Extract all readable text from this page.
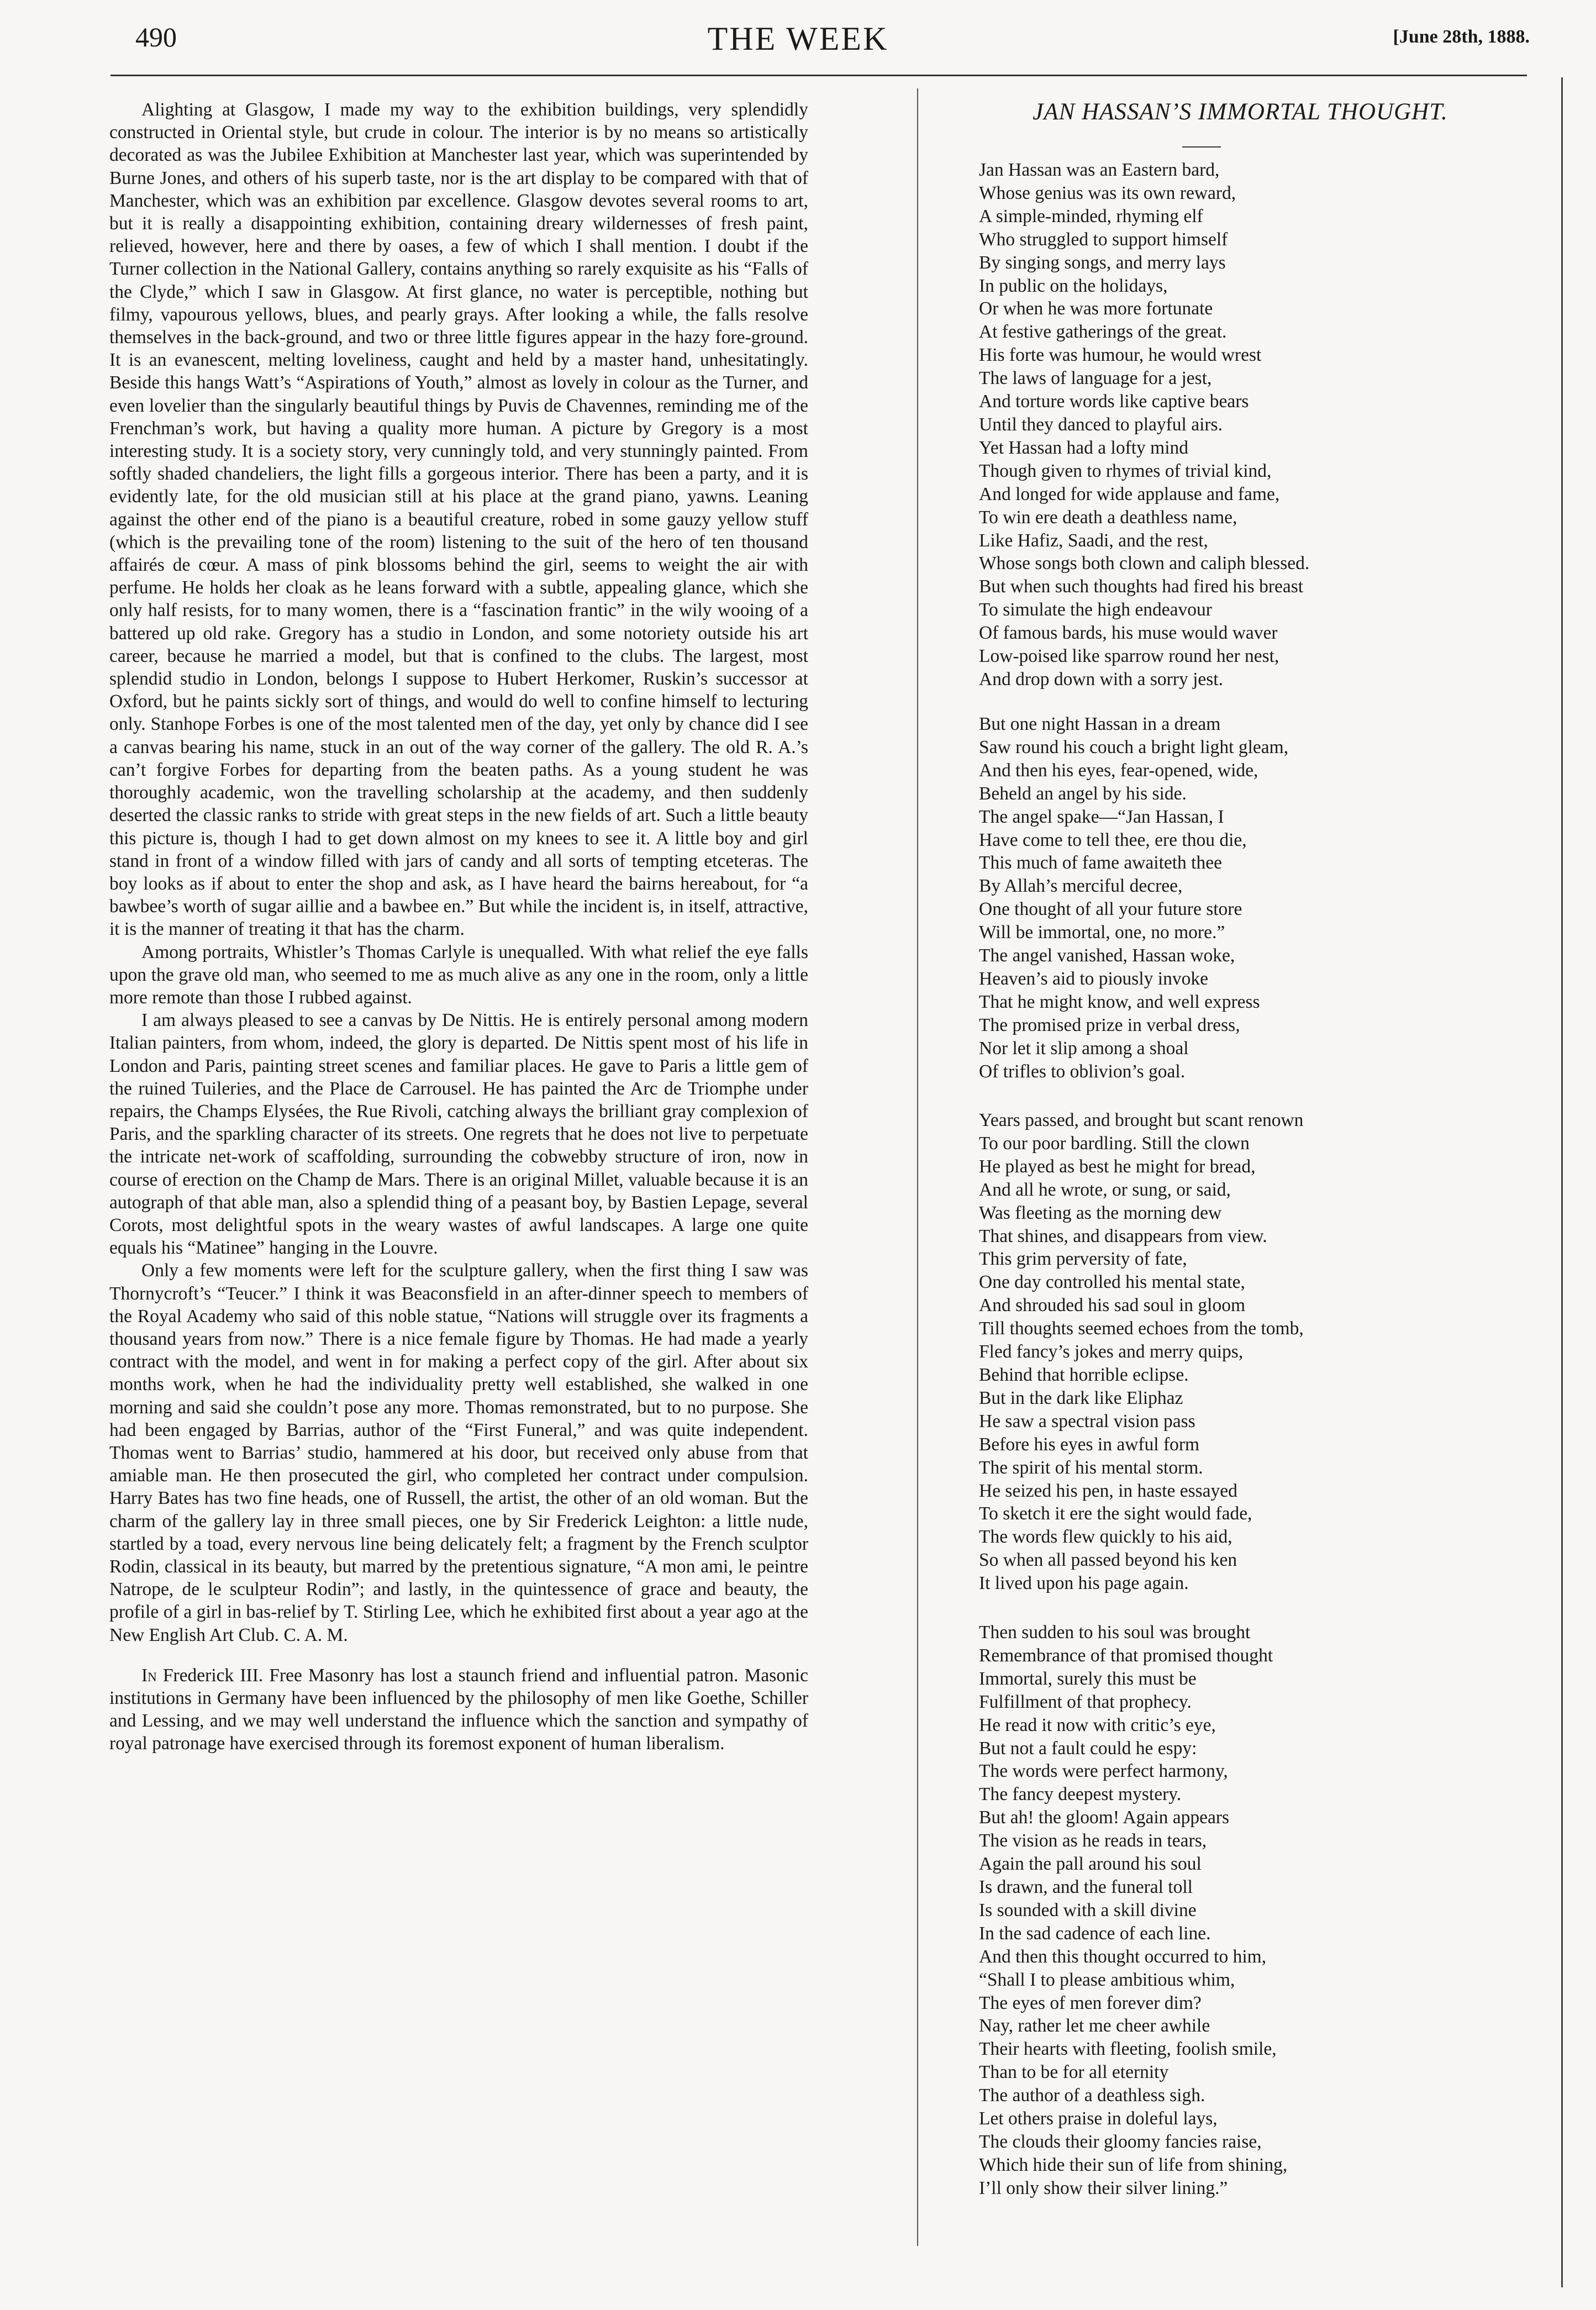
490	THE WEEK	[June 28th, 1888.

Alighting at Glasgow, I made my way to the exhibition buildings, very splendidly constructed in Oriental style, but crude in colour. The interior is by no means so artistically decorated as was the Jubilee Exhibition at Manchester last year, which was superintended by Burne Jones, and others of his superb taste, nor is the art display to be compared with that of Manchester, which was an exhibition par excellence. Glasgow devotes several rooms to art, but it is really a disappointing exhibition, containing dreary wildernesses of fresh paint, relieved, however, here and there by oases, a few of which I shall mention. I doubt if the Turner collection in the National Gallery, contains anything so rarely exquisite as his “Falls of the Clyde,” which I saw in Glasgow. At first glance, no water is perceptible, nothing but filmy, vapourous yellows, blues, and pearly grays. After looking a while, the falls resolve themselves in the back-ground, and two or three little figures appear in the hazy fore-ground. It is an evanescent, melting loveliness, caught and held by a master hand, unhesitatingly. Beside this hangs Watt’s “Aspirations of Youth,” almost as lovely in colour as the Turner, and even lovelier than the singularly beautiful things by Puvis de Chavennes, reminding me of the Frenchman’s work, but having a quality more human. A picture by Gregory is a most interesting study. It is a society story, very cunningly told, and very stunningly painted. From softly shaded chandeliers, the light fills a gorgeous interior. There has been a party, and it is evidently late, for the old musician still at his place at the grand piano, yawns. Leaning against the other end of the piano is a beautiful creature, robed in some gauzy yellow stuff (which is the prevailing tone of the room) listening to the suit of the hero of ten thousand affairés de cœur. A mass of pink blossoms behind the girl, seems to weight the air with perfume. He holds her cloak as he leans forward with a subtle, appealing glance, which she only half resists, for to many women, there is a “fascination frantic” in the wily wooing of a battered up old rake. Gregory has a studio in London, and some notoriety outside his art career, because he married a model, but that is confined to the clubs. The largest, most splendid studio in London, belongs I suppose to Hubert Herkomer, Ruskin’s successor at Oxford, but he paints sickly sort of things, and would do well to confine himself to lecturing only. Stanhope Forbes is one of the most talented men of the day, yet only by chance did I see a canvas bearing his name, stuck in an out of the way corner of the gallery. The old R. A.’s can’t forgive Forbes for departing from the beaten paths. As a young student he was thoroughly academic, won the travelling scholarship at the academy, and then suddenly deserted the classic ranks to stride with great steps in the new fields of art. Such a little beauty this picture is, though I had to get down almost on my knees to see it. A little boy and girl stand in front of a window filled with jars of candy and all sorts of tempting etceteras. The boy looks as if about to enter the shop and ask, as I have heard the bairns hereabout, for “a bawbee’s worth of sugar aillie and a bawbee en.” But while the incident is, in itself, attractive, it is the manner of treating it that has the charm.

Among portraits, Whistler’s Thomas Carlyle is unequalled. With what relief the eye falls upon the grave old man, who seemed to me as much alive as any one in the room, only a little more remote than those I rubbed against.

I am always pleased to see a canvas by De Nittis. He is entirely personal among modern Italian painters, from whom, indeed, the glory is departed. De Nittis spent most of his life in London and Paris, painting street scenes and familiar places. He gave to Paris a little gem of the ruined Tuileries, and the Place de Carrousel. He has painted the Arc de Triomphe under repairs, the Champs Elysées, the Rue Rivoli, catching always the brilliant gray complexion of Paris, and the sparkling character of its streets. One regrets that he does not live to perpetuate the intricate net-work of scaffolding, surrounding the cobwebby structure of iron, now in course of erection on the Champ de Mars. There is an original Millet, valuable because it is an autograph of that able man, also a splendid thing of a peasant boy, by Bastien Lepage, several Corots, most delightful spots in the weary wastes of awful landscapes. A large one quite equals his “Matinee” hanging in the Louvre.

Only a few moments were left for the sculpture gallery, when the first thing I saw was Thornycroft’s “Teucer.” I think it was Beaconsfield in an after-dinner speech to members of the Royal Academy who said of this noble statue, “Nations will struggle over its fragments a thousand years from now.” There is a nice female figure by Thomas. He had made a yearly contract with the model, and went in for making a perfect copy of the girl. After about six months work, when he had the individuality pretty well established, she walked in one morning and said she couldn’t pose any more. Thomas remonstrated, but to no purpose. She had been engaged by Barrias, author of the “First Funeral,” and was quite independent. Thomas went to Barrias’ studio, hammered at his door, but received only abuse from that amiable man. He then prosecuted the girl, who completed her contract under compulsion. Harry Bates has two fine heads, one of Russell, the artist, the other of an old woman. But the charm of the gallery lay in three small pieces, one by Sir Frederick Leighton: a little nude, startled by a toad, every nervous line being delicately felt; a fragment by the French sculptor Rodin, classical in its beauty, but marred by the pretentious signature, “A mon ami, le peintre Natrope, de le sculpteur Rodin”; and lastly, in the quintessence of grace and beauty, the profile of a girl in bas-relief by T. Stirling Lee, which he exhibited first about a year ago at the New English Art Club. C. A. M.

In Frederick III. Free Masonry has lost a staunch friend and influential patron. Masonic institutions in Germany have been influenced by the philosophy of men like Goethe, Schiller and Lessing, and we may well understand the influence which the sanction and sympathy of royal patronage have exercised through its foremost exponent of human liberalism.

JAN HASSAN’S IMMORTAL THOUGHT.
Jan Hassan was an Eastern bard,
Whose genius was its own reward,
A simple-minded, rhyming elf
Who struggled to support himself
By singing songs, and merry lays
In public on the holidays,
Or when he was more fortunate
At festive gatherings of the great.
His forte was humour, he would wrest
The laws of language for a jest,
And torture words like captive bears
Until they danced to playful airs.
Yet Hassan had a lofty mind
Though given to rhymes of trivial kind,
And longed for wide applause and fame,
To win ere death a deathless name,
Like Hafiz, Saadi, and the rest,
Whose songs both clown and caliph blessed.
But when such thoughts had fired his breast
To simulate the high endeavour
Of famous bards, his muse would waver
Low-poised like sparrow round her nest,
And drop down with a sorry jest.
But one night Hassan in a dream
Saw round his couch a bright light gleam,
And then his eyes, fear-opened, wide,
Beheld an angel by his side.
The angel spake—“Jan Hassan, I
Have come to tell thee, ere thou die,
This much of fame awaiteth thee
By Allah’s merciful decree,
One thought of all your future store
Will be immortal, one, no more.”
The angel vanished, Hassan woke,
Heaven’s aid to piously invoke
That he might know, and well express
The promised prize in verbal dress,
Nor let it slip among a shoal
Of trifles to oblivion’s goal.
Years passed, and brought but scant renown
To our poor bardling. Still the clown
He played as best he might for bread,
And all he wrote, or sung, or said,
Was fleeting as the morning dew
That shines, and disappears from view.
This grim perversity of fate,
One day controlled his mental state,
And shrouded his sad soul in gloom
Till thoughts seemed echoes from the tomb,
Fled fancy’s jokes and merry quips,
Behind that horrible eclipse.
But in the dark like Eliphaz
He saw a spectral vision pass
Before his eyes in awful form
The spirit of his mental storm.
He seized his pen, in haste essayed
To sketch it ere the sight would fade,
The words flew quickly to his aid,
So when all passed beyond his ken
It lived upon his page again.
Then sudden to his soul was brought
Remembrance of that promised thought
Immortal, surely this must be
Fulfillment of that prophecy.
He read it now with critic’s eye,
But not a fault could he espy:
The words were perfect harmony,
The fancy deepest mystery.
But ah! the gloom! Again appears
The vision as he reads in tears,
Again the pall around his soul
Is drawn, and the funeral toll
Is sounded with a skill divine
In the sad cadence of each line.
And then this thought occurred to him,
“Shall I to please ambitious whim,
The eyes of men forever dim?
Nay, rather let me cheer awhile
Their hearts with fleeting, foolish smile,
Than to be for all eternity
The author of a deathless sigh.
Let others praise in doleful lays,
The clouds their gloomy fancies raise,
Which hide their sun of life from shining,
I’ll only show their silver lining.”
